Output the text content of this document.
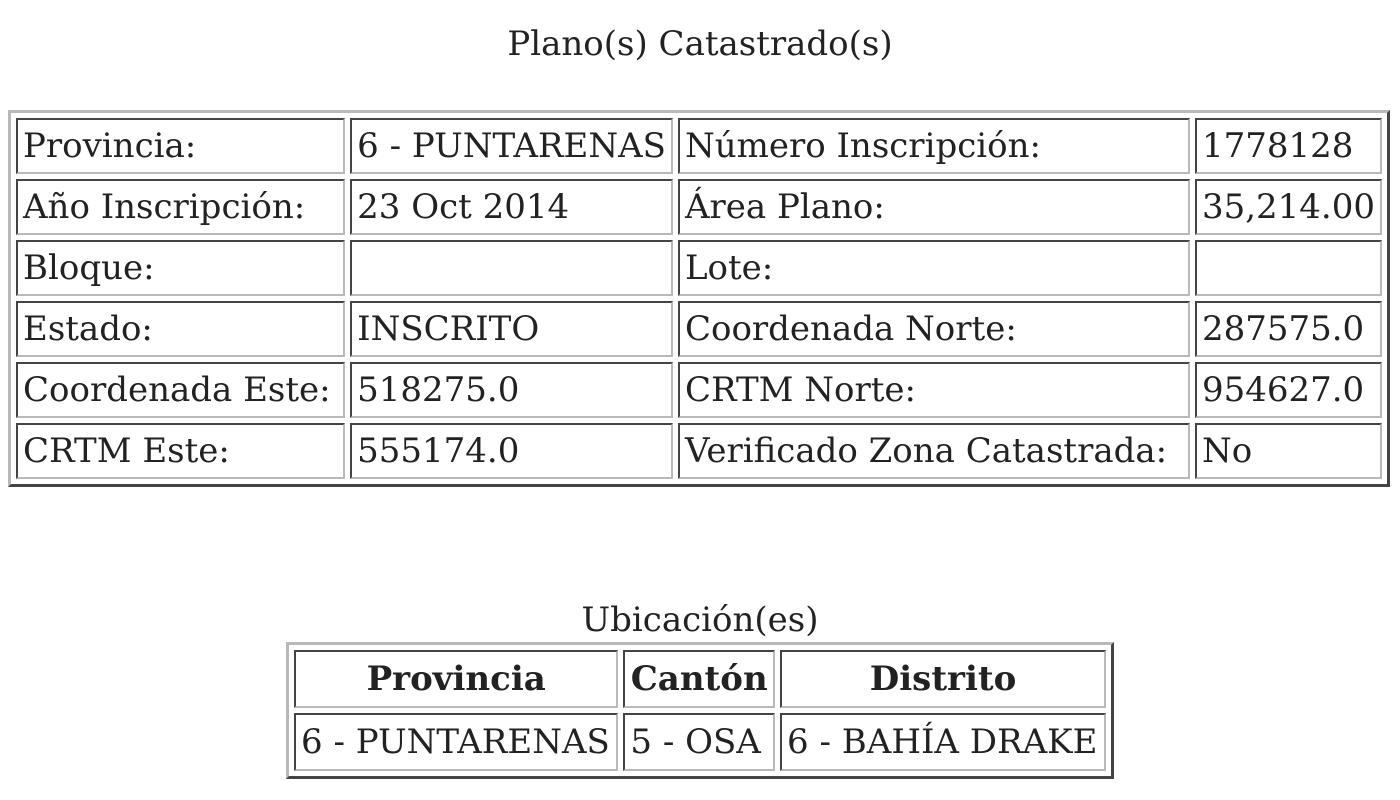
Plano(s) Catastrado(s)
Provincia:	6 - PUNTARENAS	Número Inscripción:	1778128
Año Inscripción:	23 Oct 2014	Área Plano:	35,214.00
Bloque:		Lote:	
Estado:	INSCRITO	Coordenada Norte:	287575.0
Coordenada Este:	518275.0	CRTM Norte:	954627.0
CRTM Este:	555174.0	Verificado Zona Catastrada:	No
Ubicación(es)
Provincia	Cantón	Distrito
6 - PUNTARENAS	5 - OSA	6 - BAHÍA DRAKE
